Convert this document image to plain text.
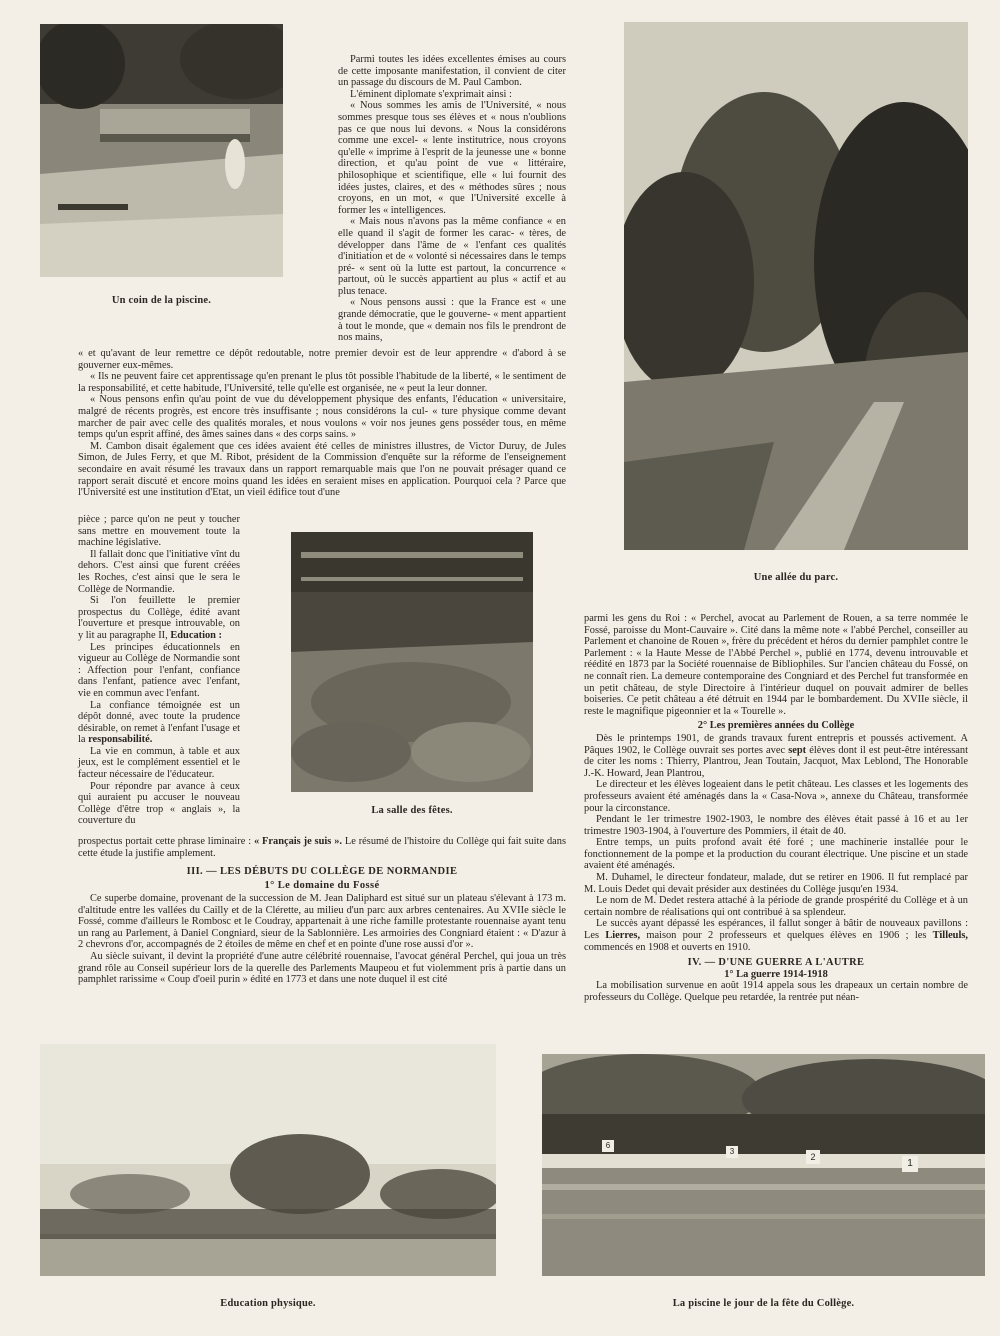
Un coin de la piscine.
Une allée du parc.

Parmi toutes les idées excellentes émises au cours de cette imposante manifestation, il convient de citer un passage du discours de M. Paul Cambon.

L'éminent diplomate s'exprimait ainsi :

« Nous sommes les amis de l'Université, « nous sommes presque tous ses élèves et « nous n'oublions pas ce que nous lui devons. « Nous la considérons comme une excel- « lente institutrice, nous croyons qu'elle « imprime à l'esprit de la jeunesse une « bonne direction, et qu'au point de vue « littéraire, philosophique et scientifique, elle « lui fournit des idées justes, claires, et des « méthodes sûres ; nous croyons, en un mot, « que l'Université excelle à former les « intelligences.

« Mais nous n'avons pas la même confiance « en elle quand il s'agit de former les carac- « tères, de développer dans l'âme de « l'enfant ces qualités d'initiation et de « volonté si nécessaires dans le temps pré- « sent où la lutte est partout, la concurrence « partout, où le succès appartient au plus « actif et au plus tenace.

« Nous pensons aussi : que la France est « une grande démocratie, que le gouverne- « ment appartient à tout le monde, que « demain nos fils le prendront de nos mains,

« et qu'avant de leur remettre ce dépôt redoutable, notre premier devoir est de leur apprendre « d'abord à se gouverner eux-mêmes.

« Ils ne peuvent faire cet apprentissage qu'en prenant le plus tôt possible l'habitude de la liberté, « le sentiment de la responsabilité, et cette habitude, l'Université, telle qu'elle est organisée, ne « peut la leur donner.

« Nous pensons enfin qu'au point de vue du développement physique des enfants, l'éducation « universitaire, malgré de récents progrès, est encore très insuffisante ; nous considérons la cul- « ture physique comme devant marcher de pair avec celle des qualités morales, et nous voulons « voir nos jeunes gens posséder tous, en même temps qu'un esprit affiné, des âmes saines dans « des corps sains. »

M. Cambon disait également que ces idées avaient été celles de ministres illustres, de Victor Duruy, de Jules Simon, de Jules Ferry, et que M. Ribot, président de la Commission d'enquête sur la réforme de l'enseignement secondaire en avait résumé les travaux dans un rapport remarquable mais que l'on ne pouvait présager quand ce rapport serait discuté et encore moins quand les idées en seraient mises en application. Pourquoi cela ? Parce que l'Université est une institution d'Etat, un vieil édifice tout d'une

La salle des fêtes.

pièce ; parce qu'on ne peut y toucher sans mettre en mouvement toute la machine législative.

Il fallait donc que l'initiative vînt du dehors. C'est ainsi que furent créées les Roches, c'est ainsi que le sera le Collège de Normandie.

Si l'on feuillette le premier prospectus du Collège, édité avant l'ouverture et presque introuvable, on y lit au paragraphe II, Education :

Les principes éducationnels en vigueur au Collège de Normandie sont : Affection pour l'enfant, confiance dans l'enfant, patience avec l'enfant, vie en commun avec l'enfant.

La confiance témoignée est un dépôt donné, avec toute la prudence désirable, on remet à l'enfant l'usage et la responsabilité.

La vie en commun, à table et aux jeux, est le complément essentiel et le facteur nécessaire de l'éducateur.

Pour répondre par avance à ceux qui auraient pu accuser le nouveau Collège d'être trop « anglais », la couverture du

prospectus portait cette phrase liminaire : « Français je suis ». Le résumé de l'histoire du Collège qui fait suite dans cette étude la justifie amplement.

III. — LES DÉBUTS DU COLLÈGE DE NORMANDIE
1° Le domaine du Fossé

Ce superbe domaine, provenant de la succession de M. Jean Daliphard est situé sur un plateau s'élevant à 173 m. d'altitude entre les vallées du Cailly et de la Clérette, au milieu d'un parc aux arbres centenaires. Au XVIIe siècle le Fossé, comme d'ailleurs le Rombosc et le Coudray, appartenait à une riche famille protestante rouennaise ayant tenu un rang au Parlement, à Daniel Congniard, sieur de la Sablonnière. Les armoiries des Congniard étaient : « D'azur à 2 chevrons d'or, accompagnés de 2 étoiles de même en chef et en pointe d'une rose aussi d'or ».

Au siècle suivant, il devint la propriété d'une autre célébrité rouennaise, l'avocat général Perchel, qui joua un très grand rôle au Conseil supérieur lors de la querelle des Parlements Maupeou et fut violemment pris à partie dans un pamphlet rarissime « Coup d'oeil purin » édité en 1773 et dans une note duquel il est cité

parmi les gens du Roi : « Perchel, avocat au Parlement de Rouen, a sa terre nommée le Fossé, paroisse du Mont-Cauvaire ». Cité dans la même note « l'abbé Perchel, conseiller au Parlement et chanoine de Rouen », frère du précédent et héros du dernier pamphlet contre le Parlement : « la Haute Messe de l'Abbé Perchel », publié en 1774, devenu introuvable et réédité en 1873 par la Société rouennaise de Bibliophiles. Sur l'ancien château du Fossé, on ne connaît rien. La demeure contemporaine des Congniard et des Perchel fut transformée en un petit château, de style Directoire à l'intérieur duquel on pouvait admirer de belles boiseries. Ce petit château a été détruit en 1944 par le bombardement. Du XVIIe siècle, il reste le magnifique pigeonnier et la « Tourelle ».

2° Les premières années du Collège

Dès le printemps 1901, de grands travaux furent entrepris et poussés activement. A Pâques 1902, le Collège ouvrait ses portes avec sept élèves dont il est peut-être intéressant de citer les noms : Thierry, Plantrou, Jean Toutain, Jacquot, Max Leblond, The Honorable J.-K. Howard, Jean Plantrou,

Le directeur et les élèves logeaient dans le petit château. Les classes et les logements des professeurs avaient été aménagés dans la « Casa-Nova », annexe du Château, transformée pour la circonstance.

Pendant le 1er trimestre 1902-1903, le nombre des élèves était passé à 16 et au 1er trimestre 1903-1904, à l'ouverture des Pommiers, il était de 40.

Entre temps, un puits profond avait été foré ; une machinerie installée pour le fonctionnement de la pompe et la production du courant électrique. Une piscine et un stade avaient été aménagés.

M. Duhamel, le directeur fondateur, malade, dut se retirer en 1906. Il fut remplacé par M. Louis Dedet qui devait présider aux destinées du Collège jusqu'en 1934.

Le nom de M. Dedet restera attaché à la période de grande prospérité du Collège et à un certain nombre de réalisations qui ont contribué à sa splendeur.

Le succès ayant dépassé les espérances, il fallut songer à bâtir de nouveaux pavillons : Les Lierres, maison pour 2 professeurs et quelques élèves en 1906 ; les Tilleuls, commencés en 1908 et ouverts en 1910.

IV. — D'UNE GUERRE A L'AUTRE

1° La guerre 1914-1918

La mobilisation survenue en août 1914 appela sous les drapeaux un certain nombre de professeurs du Collège. Quelque peu retardée, la rentrée put néan-

Education physique.
6
3
2
1
La piscine le jour de la fête du Collège.
